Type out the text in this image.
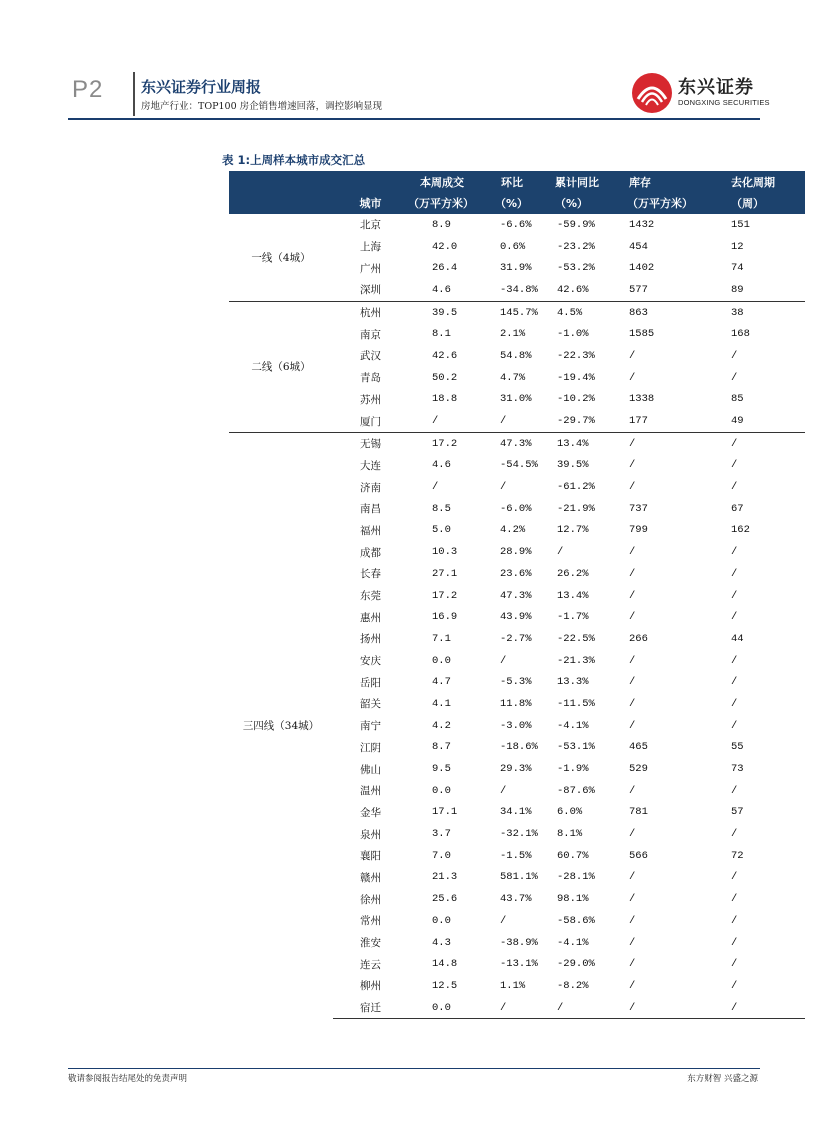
P2	东兴证券行业周报
房地产行业：TOP100 房企销售增速回落，调控影响显现
东兴证券
DONGXING SECURITIES
表 1:上周样本城市成交汇总
		本周成交	环比	累计同比	库存	去化周期
	城市	（万平方米）	（%）	（%）	（万平方米）	（周）
一线（4城）	北京	8.9	-6.6%	-59.9%	1432	151
	上海	42.0	0.6%	-23.2%	454	12
	广州	26.4	31.9%	-53.2%	1402	74
	深圳	4.6	-34.8%	42.6%	577	89
二线（6城）	杭州	39.5	145.7%	4.5%	863	38
	南京	8.1	2.1%	-1.0%	1585	168
	武汉	42.6	54.8%	-22.3%	/	/
	青岛	50.2	4.7%	-19.4%	/	/
	苏州	18.8	31.0%	-10.2%	1338	85
	厦门	/	/	-29.7%	177	49
三四线（34城）	无锡	17.2	47.3%	13.4%	/	/
	大连	4.6	-54.5%	39.5%	/	/
	济南	/	/	-61.2%	/	/
	南昌	8.5	-6.0%	-21.9%	737	67
	福州	5.0	4.2%	12.7%	799	162
	成都	10.3	28.9%	/	/	/
	长春	27.1	23.6%	26.2%	/	/
	东莞	17.2	47.3%	13.4%	/	/
	惠州	16.9	43.9%	-1.7%	/	/
	扬州	7.1	-2.7%	-22.5%	266	44
	安庆	0.0	/	-21.3%	/	/
	岳阳	4.7	-5.3%	13.3%	/	/
	韶关	4.1	11.8%	-11.5%	/	/
	南宁	4.2	-3.0%	-4.1%	/	/
	江阴	8.7	-18.6%	-53.1%	465	55
	佛山	9.5	29.3%	-1.9%	529	73
	温州	0.0	/	-87.6%	/	/
	金华	17.1	34.1%	6.0%	781	57
	泉州	3.7	-32.1%	8.1%	/	/
	襄阳	7.0	-1.5%	60.7%	566	72
	赣州	21.3	581.1%	-28.1%	/	/
	徐州	25.6	43.7%	98.1%	/	/
	常州	0.0	/	-58.6%	/	/
	淮安	4.3	-38.9%	-4.1%	/	/
	连云	14.8	-13.1%	-29.0%	/	/
	柳州	12.5	1.1%	-8.2%	/	/
	宿迁	0.0	/	/	/	/
敬请参阅报告结尾处的免责声明	东方财智 兴盛之源
